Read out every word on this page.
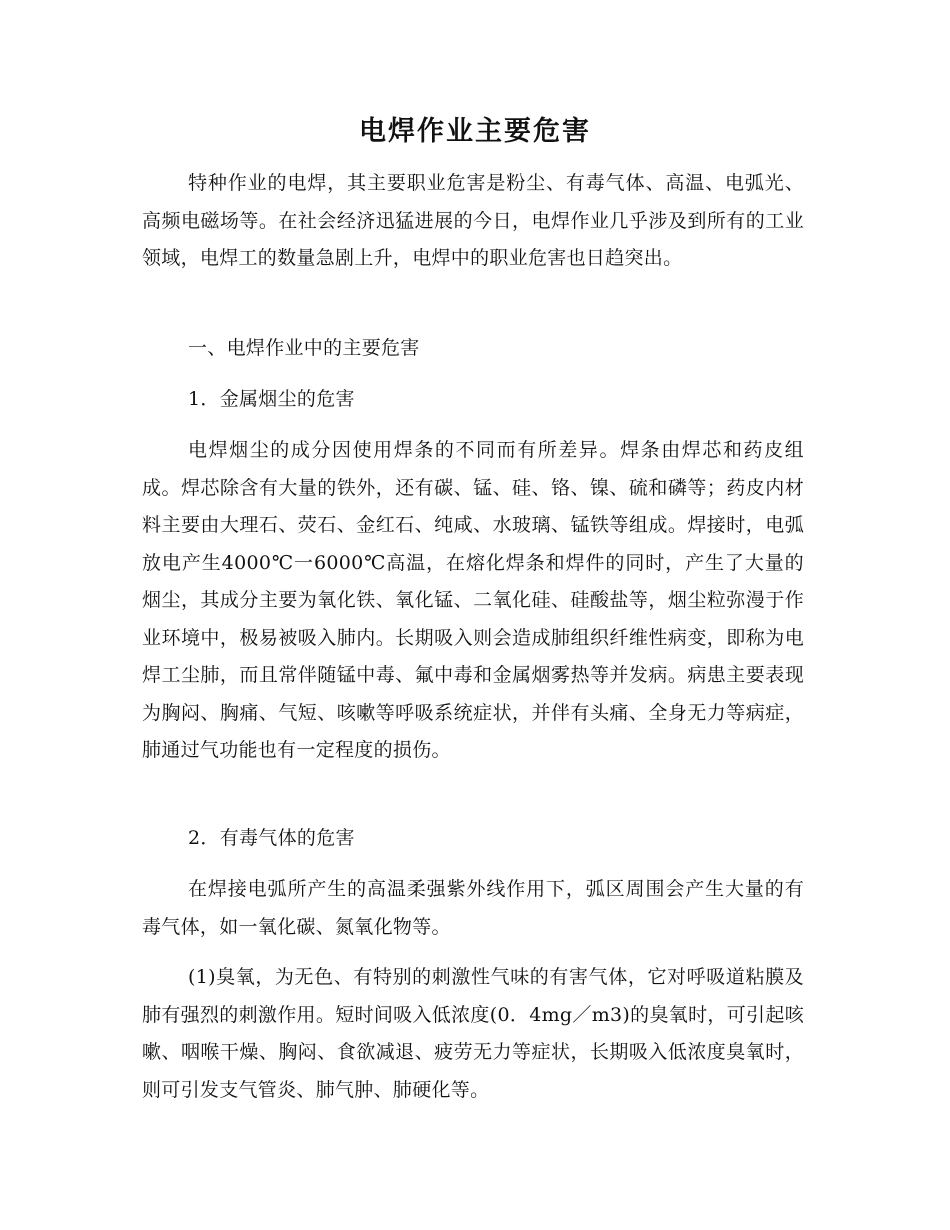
电焊作业主要危害

特种作业的电焊，其主要职业危害是粉尘、有毒气体、高温、电弧光、高频电磁场等。在社会经济迅猛进展的今日，电焊作业几乎涉及到所有的工业领域，电焊工的数量急剧上升，电焊中的职业危害也日趋突出。

一、电焊作业中的主要危害

1．金属烟尘的危害

电焊烟尘的成分因使用焊条的不同而有所差异。焊条由焊芯和药皮组成。焊芯除含有大量的铁外，还有碳、锰、硅、铬、镍、硫和磷等；药皮内材料主要由大理石、荧石、金红石、纯咸、水玻璃、锰铁等组成。焊接时，电弧放电产生4000℃一6000℃高温，在熔化焊条和焊件的同时，产生了大量的烟尘，其成分主要为氧化铁、氧化锰、二氧化硅、硅酸盐等，烟尘粒弥漫于作业环境中，极易被吸入肺内。长期吸入则会造成肺组织纤维性病变，即称为电焊工尘肺，而且常伴随锰中毒、氟中毒和金属烟雾热等并发病。病患主要表现为胸闷、胸痛、气短、咳嗽等呼吸系统症状，并伴有头痛、全身无力等病症，肺通过气功能也有一定程度的损伤。

2．有毒气体的危害

在焊接电弧所产生的高温柔强紫外线作用下，弧区周围会产生大量的有毒气体，如一氧化碳、氮氧化物等。

(1)臭氧，为无色、有特别的刺激性气味的有害气体，它对呼吸道粘膜及肺有强烈的刺激作用。短时间吸入低浓度(0．4mg／m3)的臭氧时，可引起咳嗽、咽喉干燥、胸闷、食欲减退、疲劳无力等症状，长期吸入低浓度臭氧时，则可引发支气管炎、肺气肿、肺硬化等。
